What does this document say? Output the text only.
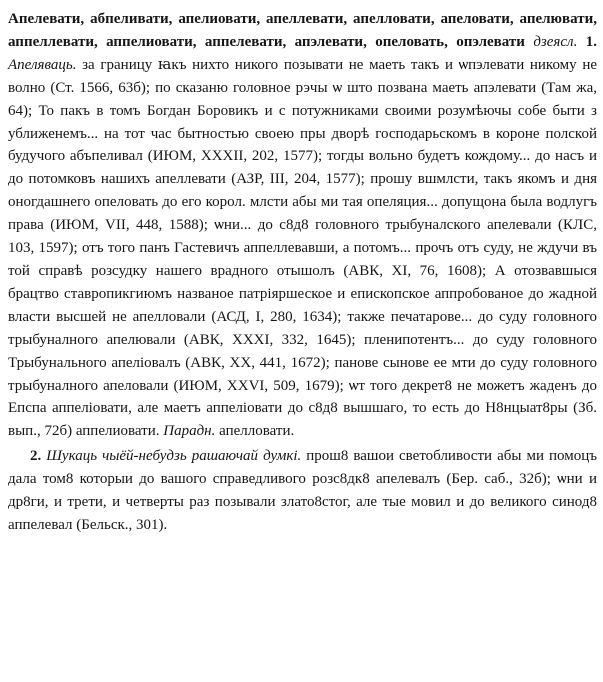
Апелевати, абпеливати, апелиовати, апеллевати, апелловати, апеловати, апелювати, аппеллевати, аппелиовати, аппелевати, апэлевати, опеловать, опэлевати дзеясл. 1. Апеляваць. за границу ꙗкъ нихто никого позывати не маеть такъ и ѡпэлевати никому не волно (Ст. 1566, 63б); по сказаню головное рэчы ѡ што позвана маеть апэлевати (Там жа, 64); То пакъ в томъ Богдан Боровикъ и с потужниками своими розумѣючы собе быти з уближенемъ... на тот час бытностью своею пры дворѣ господарьскомъ в короне полской будучого абъпеливал (ИЮМ, XXXII, 202, 1577); тогды вольно будетъ кождому... до насъ и до потомковъ нашихъ апеллевати (АЗР, III, 204, 1577); прошу вшмлсти, такъ якомъ и дня оногдашнего опеловать до его корол. млсти абы ми тая опеляция... допущона была водлугъ права (ИЮМ, VII, 448, 1588); ѡни... до с8д8 головного трыбуналского апелевали (КЛС, 103, 1597); отъ того панъ Гастевичъ аппеллевавши, а потомъ... прочъ отъ суду, не ждучи въ той справѣ розсудку нашего врадного отышолъ (АВК, XI, 76, 1608); А отозвавшыся брацтво ставропикгиюмъ названое патріяршеское и епископское аппробованое до жадной власти высшей не апелловали (АСД, I, 280, 1634); также печатарове... до суду головного трыбуналного апелювали (АВК, XXXI, 332, 1645); пленипотентъ... до суду головного Трыбунального апеліовалъ (АВК, XX, 441, 1672); панове сынове ее мти до суду головного трыбуналного апеловали (ИЮМ, XXVI, 509, 1679); ѡт того декрет8 не можетъ жаденъ до Епспа аппеліовати, але маетъ аппеліовати до с8д8 вышшаго, то есть до Н8нцыат8ры (Зб. вып., 72б) аппелиовати. Парадн. апелловати.

2. Шукаць чыёй-небудзь рашаючай думкі. прош8 вашои светобливости абы ми помоцъ дала том8 которыи до вашого справедливого розс8дк8 апелевалъ (Бер. саб., 32б); ѡни и др8ги, и трети, и четверты раз позывали злато8стог, але тые мовил и до великого синод8 аппелевал (Бельск., 301).
